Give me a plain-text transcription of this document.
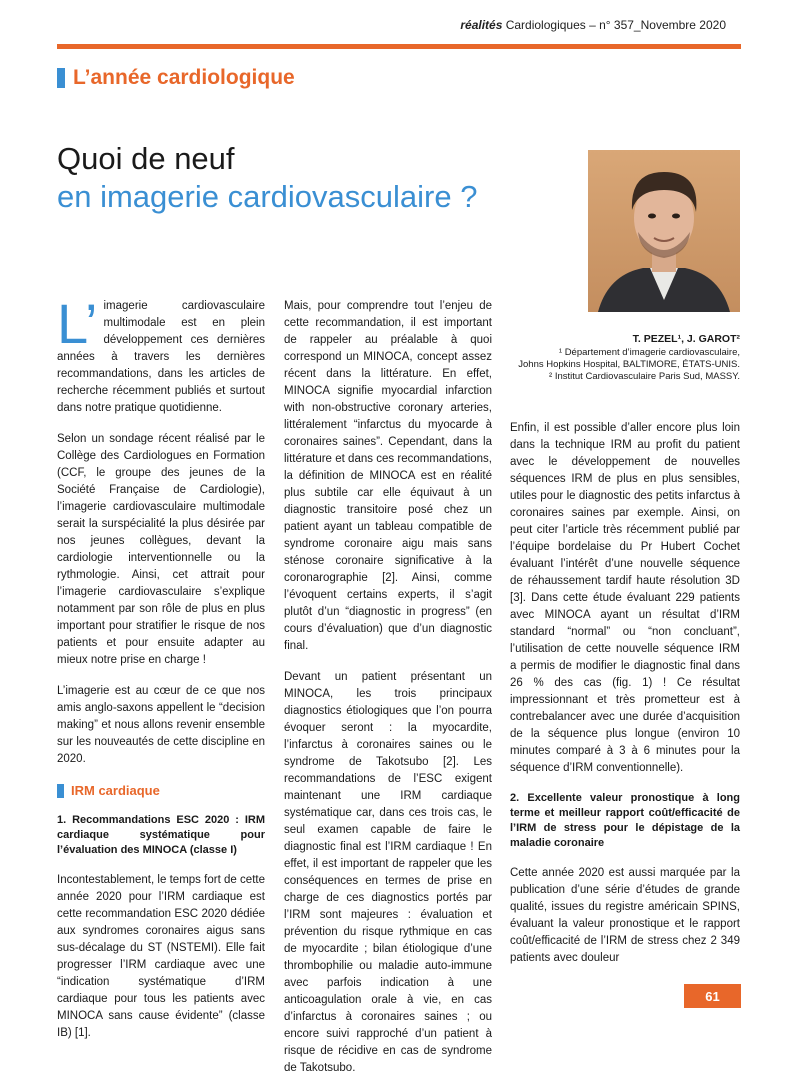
réalités Cardiologiques – n° 357_Novembre 2020
L’année cardiologique
Quoi de neuf
en imagerie cardiovasculaire ?
T. PEZEL¹, J. GAROT²
¹ Département d’imagerie cardiovasculaire,
Johns Hopkins Hospital, BALTIMORE, ÉTATS-UNIS.
² Institut Cardiovasculaire Paris Sud, MASSY.

L’ imagerie cardiovasculaire multimodale est en plein développement ces dernières années à travers les dernières recommandations, dans les articles de recherche récemment publiés et surtout dans notre pratique quotidienne.

Selon un sondage récent réalisé par le Collège des Cardiologues en Formation (CCF, le groupe des jeunes de la Société Française de Cardiologie), l’imagerie cardiovasculaire multimodale serait la surspécialité la plus désirée par nos jeunes collègues, devant la cardiologie interventionnelle ou la rythmologie. Ainsi, cet attrait pour l’imagerie cardiovasculaire s’explique notamment par son rôle de plus en plus important pour stratifier le risque de nos patients et pour ensuite adapter au mieux notre prise en charge !

L’imagerie est au cœur de ce que nos amis anglo-saxons appellent le “decision making” et nous allons revenir ensemble sur les nouveautés de cette discipline en 2020.

IRM cardiaque

1. Recommandations ESC 2020 : IRM cardiaque systématique pour l’évaluation des MINOCA (classe I)

Incontestablement, le temps fort de cette année 2020 pour l’IRM cardiaque est cette recommandation ESC 2020 dédiée aux syndromes coronaires aigus sans sus-décalage du ST (NSTEMI). Elle fait progresser l’IRM cardiaque avec une “indication systématique d’IRM cardiaque pour tous les patients avec MINOCA sans cause évidente” (classe IB) [1].

Mais, pour comprendre tout l’enjeu de cette recommandation, il est important de rappeler au préalable à quoi correspond un MINOCA, concept assez récent dans la littérature. En effet, MINOCA signifie myocardial infarction with non-obstructive coronary arteries, littéralement “infarctus du myocarde à coronaires saines”. Cependant, dans la littérature et dans ces recommandations, la définition de MINOCA est en réalité plus subtile car elle équivaut à un diagnostic transitoire posé chez un patient ayant un tableau compatible de syndrome coronaire aigu mais sans sténose coronaire significative à la coronarographie [2]. Ainsi, comme l’évoquent certains experts, il s’agit plutôt d’un “diagnostic in progress” (en cours d’évaluation) que d’un diagnostic final.

Devant un patient présentant un MINOCA, les trois principaux diagnostics étiologiques que l’on pourra évoquer seront : la myocardite, l’infarctus à coronaires saines ou le syndrome de Takotsubo [2]. Les recommandations de l’ESC exigent maintenant une IRM cardiaque systématique car, dans ces trois cas, le seul examen capable de faire le diagnostic final est l’IRM cardiaque ! En effet, il est important de rappeler que les conséquences en termes de prise en charge de ces diagnostics portés par l’IRM sont majeures : évaluation et prévention du risque rythmique en cas de myocardite ; bilan étiologique d’une thrombophilie ou maladie auto-immune avec parfois indication à une anticoagulation orale à vie, en cas d’infarctus à coronaires saines ; ou encore suivi rapproché d’un patient à risque de récidive en cas de syndrome de Takotsubo.

Enfin, il est possible d’aller encore plus loin dans la technique IRM au profit du patient avec le développement de nouvelles séquences IRM de plus en plus sensibles, utiles pour le diagnostic des petits infarctus à coronaires saines par exemple. Ainsi, on peut citer l’article très récemment publié par l’équipe bordelaise du Pr Hubert Cochet évaluant l’intérêt d’une nouvelle séquence de réhaussement tardif haute résolution 3D [3]. Dans cette étude évaluant 229 patients avec MINOCA ayant un résultat d’IRM standard “normal” ou “non concluant”, l’utilisation de cette nouvelle séquence IRM a permis de modifier le diagnostic final dans 26 % des cas (fig. 1) ! Ce résultat impressionnant et très prometteur est à contrebalancer avec une durée d’acquisition de la séquence plus longue (environ 10 minutes comparé à 3 à 6 minutes pour la séquence d’IRM conventionnelle).

2. Excellente valeur pronostique à long terme et meilleur rapport coût/efficacité de l’IRM de stress pour le dépistage de la maladie coronaire

Cette année 2020 est aussi marquée par la publication d’une série d’études de grande qualité, issues du registre américain SPINS, évaluant la valeur pronostique et le rapport coût/efficacité de l’IRM de stress chez 2 349 patients avec douleur

61
